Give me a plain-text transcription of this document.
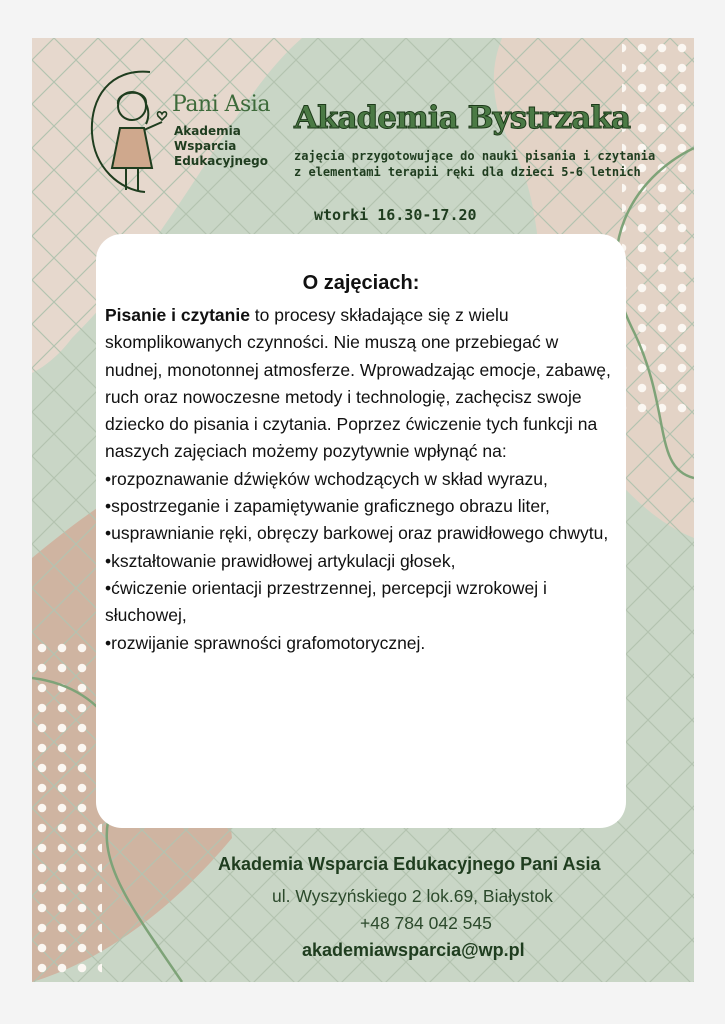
Pani Asia
Akademia Wsparcia Edukacyjnego
Akademia Bystrzaka
zajęcia przygotowujące do nauki pisania i czytania z elementami terapii ręki dla dzieci 5-6 letnich
wtorki 16.30-17.20
O zajęciach:

Pisanie i czytanie to procesy składające się z wielu skomplikowanych czynności. Nie muszą one przebiegać w nudnej, monotonnej atmosferze. Wprowadzając emocje, zabawę, ruch oraz nowoczesne metody i technologię, zachęcisz swoje dziecko do pisania i czytania. Poprzez ćwiczenie tych funkcji na naszych zajęciach możemy pozytywnie wpłynąć na:

• rozpoznawanie dźwięków wchodzących w skład wyrazu,
• spostrzeganie i zapamiętywanie graficznego obrazu liter,
• usprawnianie ręki, obręczy barkowej oraz prawidłowego chwytu,
• kształtowanie prawidłowej artykulacji głosek,
• ćwiczenie orientacji przestrzennej, percepcji wzrokowej i słuchowej,
• rozwijanie sprawności grafomotorycznej.
Akademia Wsparcia Edukacyjnego Pani Asia
ul. Wyszyńskiego 2 lok.69, Białystok
+48 784 042 545
akademiawsparcia@wp.pl
